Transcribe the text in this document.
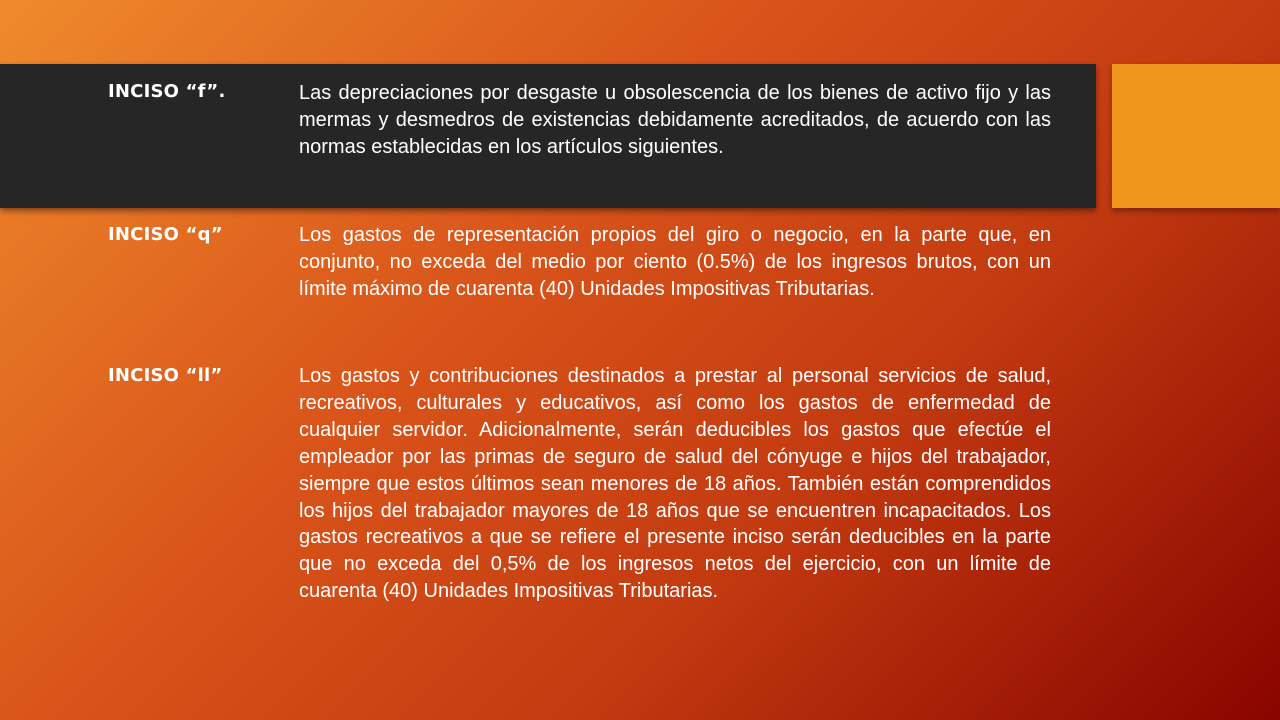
INCISO “f”.	Las depreciaciones por desgaste u obsolescencia de los bienes de activo fijo y las mermas y desmedros de existencias debidamente acreditados, de acuerdo con las normas establecidas en los artículos siguientes.
INCISO “q”	Los gastos de representación propios del giro o negocio, en la parte que, en conjunto, no exceda del medio por ciento (0.5%) de los ingresos brutos, con un límite máximo de cuarenta (40) Unidades Impositivas Tributarias.
INCISO “ll”	Los gastos y contribuciones destinados a prestar al personal servicios de salud, recreativos, culturales y educativos, así como los gastos de enfermedad de cualquier servidor. Adicionalmente, serán deducibles los gastos que efectúe el empleador por las primas de seguro de salud del cónyuge e hijos del trabajador, siempre que estos últimos sean menores de 18 años. También están comprendidos los hijos del trabajador mayores de 18 años que se encuentren incapacitados. Los gastos recreativos a que se refiere el presente inciso serán deducibles en la parte que no exceda del 0,5% de los ingresos netos del ejercicio, con un límite de cuarenta (40) Unidades Impositivas Tributarias.
